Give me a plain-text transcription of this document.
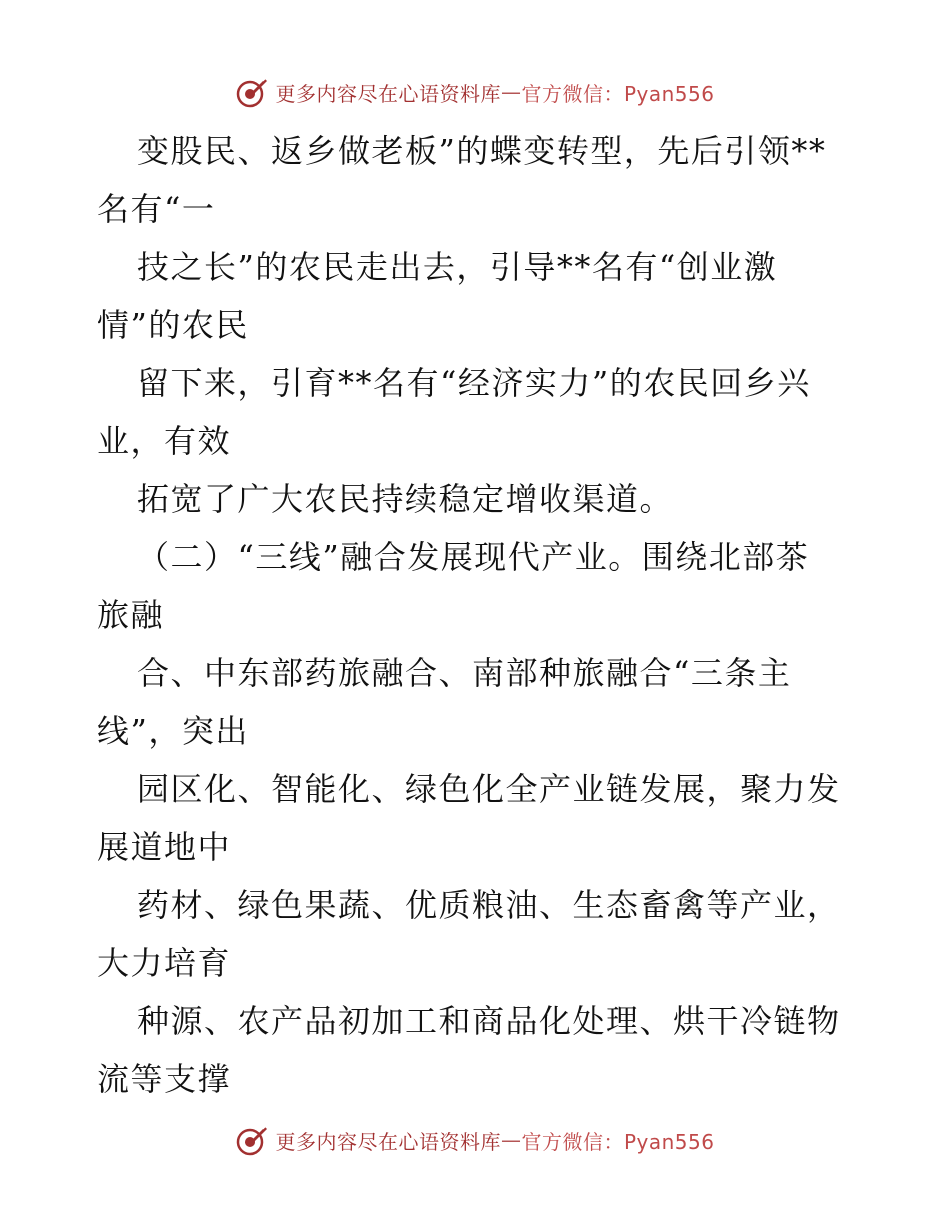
更多内容尽在心语资料库 — 官方微信：Pyan556
变股民、返乡做老板”的蝶变转型，先后引领**
名有“一
技之长”的农民走出去，引导**名有“创业激
情”的农民
留下来，引育**名有“经济实力”的农民回乡兴
业，有效
拓宽了广大农民持续稳定增收渠道。
（二）“三线”融合发展现代产业。围绕北部茶
旅融
合、中东部药旅融合、南部种旅融合“三条主
线”，突出
园区化、智能化、绿色化全产业链发展，聚力发
展道地中
药材、绿色果蔬、优质粮油、生态畜禽等产业，
大力培育
种源、农产品初加工和商品化处理、烘干冷链物
流等支撑
更多内容尽在心语资料库 — 官方微信：Pyan556
